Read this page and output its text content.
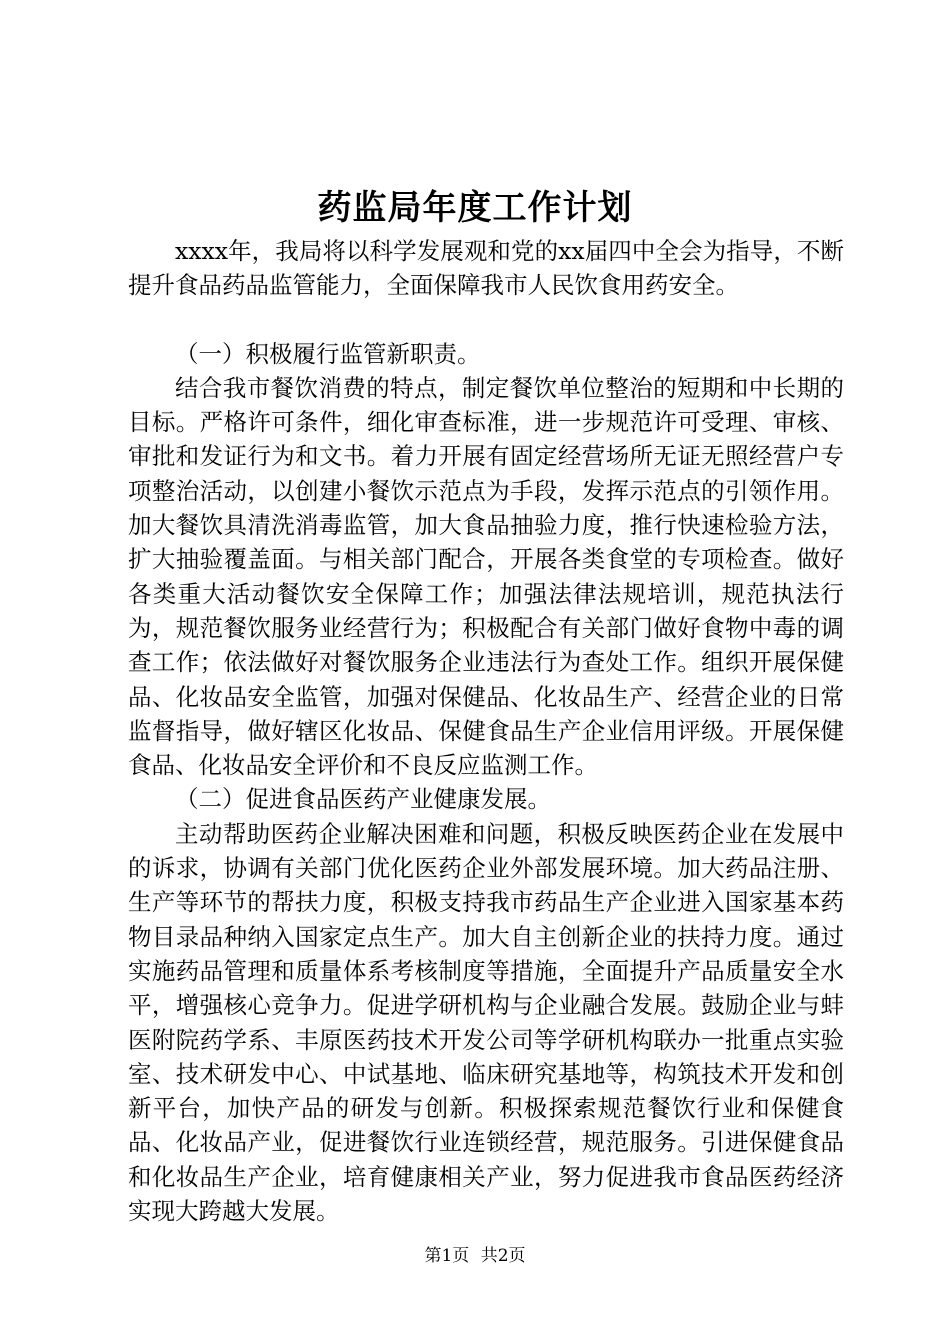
药监局年度工作计划

xxxx年，我局将以科学发展观和党的xx届四中全会为指导，不断提升食品药品监管能力，全面保障我市人民饮食用药安全。

（一）积极履行监管新职责。

结合我市餐饮消费的特点，制定餐饮单位整治的短期和中长期的目标。严格许可条件，细化审查标准，进一步规范许可受理、审核、审批和发证行为和文书。着力开展有固定经营场所无证无照经营户专项整治活动，以创建小餐饮示范点为手段，发挥示范点的引领作用。加大餐饮具清洗消毒监管，加大食品抽验力度，推行快速检验方法，扩大抽验覆盖面。与相关部门配合，开展各类食堂的专项检查。做好各类重大活动餐饮安全保障工作；加强法律法规培训，规范执法行为，规范餐饮服务业经营行为；积极配合有关部门做好食物中毒的调查工作；依法做好对餐饮服务企业违法行为查处工作。组织开展保健品、化妆品安全监管，加强对保健品、化妆品生产、经营企业的日常监督指导，做好辖区化妆品、保健食品生产企业信用评级。开展保健食品、化妆品安全评价和不良反应监测工作。

（二）促进食品医药产业健康发展。

主动帮助医药企业解决困难和问题，积极反映医药企业在发展中的诉求，协调有关部门优化医药企业外部发展环境。加大药品注册、生产等环节的帮扶力度，积极支持我市药品生产企业进入国家基本药物目录品种纳入国家定点生产。加大自主创新企业的扶持力度。通过实施药品管理和质量体系考核制度等措施，全面提升产品质量安全水平，增强核心竞争力。促进学研机构与企业融合发展。鼓励企业与蚌医附院药学系、丰原医药技术开发公司等学研机构联办一批重点实验室、技术研发中心、中试基地、临床研究基地等，构筑技术开发和创新平台，加快产品的研发与创新。积极探索规范餐饮行业和保健食品、化妆品产业，促进餐饮行业连锁经营，规范服务。引进保健食品和化妆品生产企业，培育健康相关产业，努力促进我市食品医药经济实现大跨越大发展。

第1页 共2页
